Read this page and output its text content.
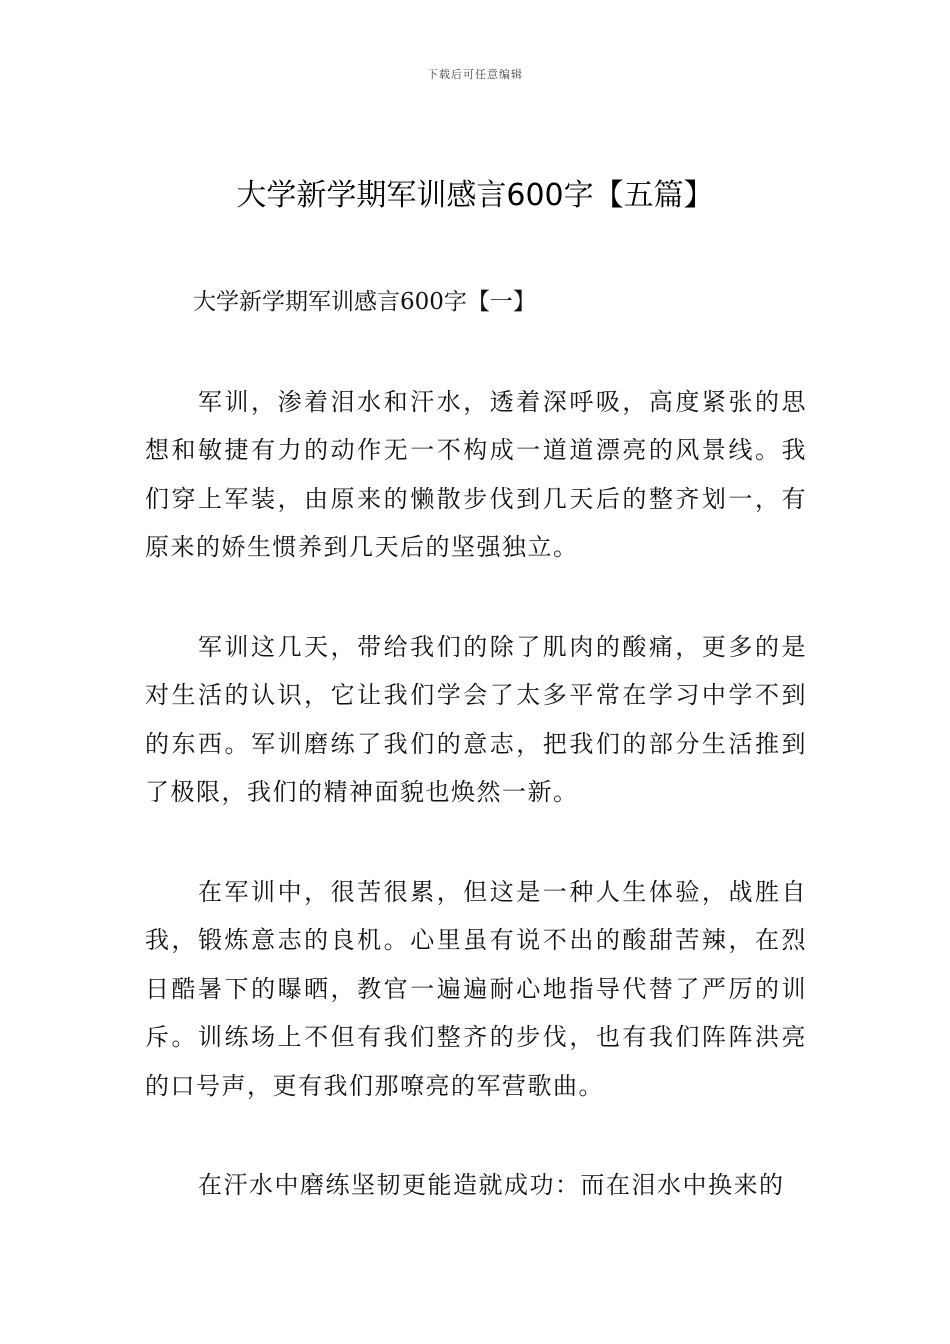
下载后可任意编辑
大学新学期军训感言600字【五篇】

大学新学期军训感言600字【一】

军训，渗着泪水和汗水，透着深呼吸，高度紧张的思想和敏捷有力的动作无一不构成一道道漂亮的风景线。我们穿上军装，由原来的懒散步伐到几天后的整齐划一，有原来的娇生惯养到几天后的坚强独立。

军训这几天，带给我们的除了肌肉的酸痛，更多的是对生活的认识，它让我们学会了太多平常在学习中学不到的东西。军训磨练了我们的意志，把我们的部分生活推到了极限，我们的精神面貌也焕然一新。

在军训中，很苦很累，但这是一种人生体验，战胜自我，锻炼意志的良机。心里虽有说不出的酸甜苦辣，在烈日酷暑下的曝晒，教官一遍遍耐心地指导代替了严厉的训斥。训练场上不但有我们整齐的步伐，也有我们阵阵洪亮的口号声，更有我们那嘹亮的军营歌曲。

在汗水中磨练坚韧更能造就成功：而在泪水中换来的
